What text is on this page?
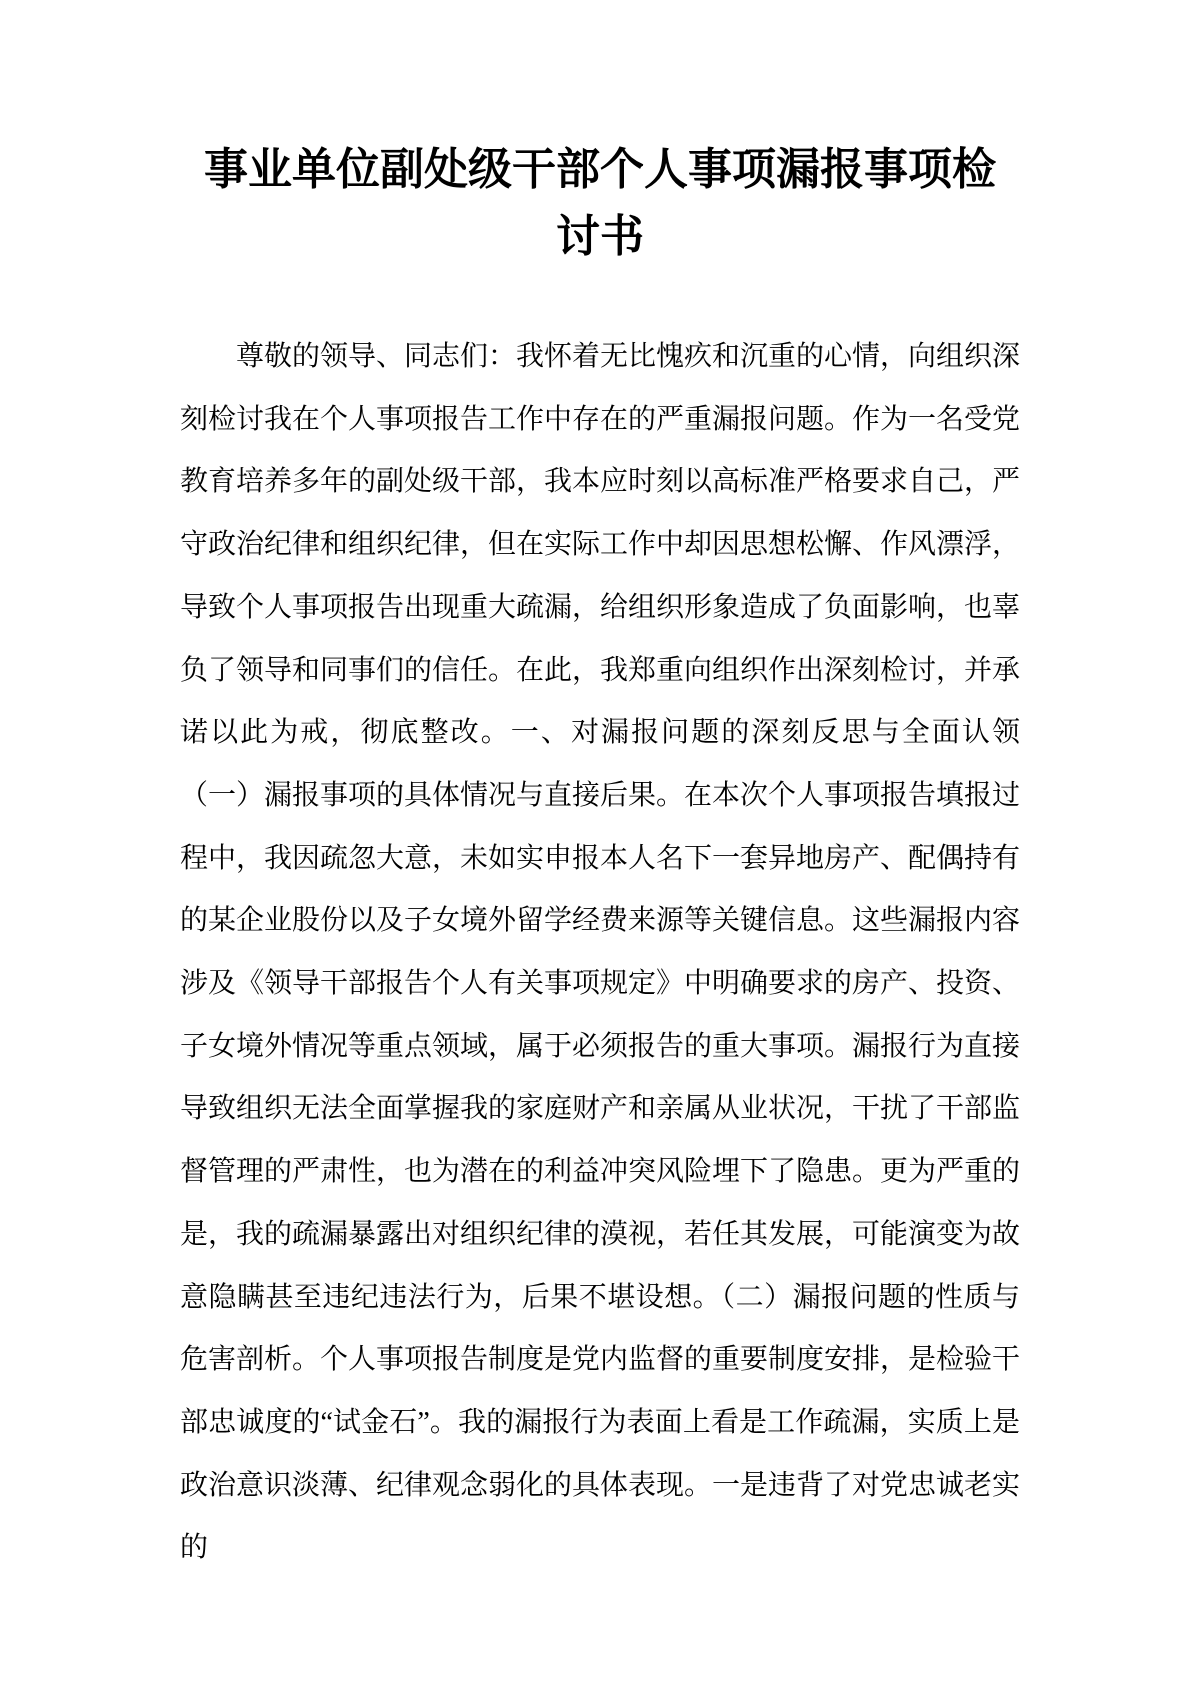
事业单位副处级干部个人事项漏报事项检讨书

尊敬的领导、同志们：我怀着无比愧疚和沉重的心情，向组织深刻检讨我在个人事项报告工作中存在的严重漏报问题。作为一名受党教育培养多年的副处级干部，我本应时刻以高标准严格要求自己，严守政治纪律和组织纪律，但在实际工作中却因思想松懈、作风漂浮，导致个人事项报告出现重大疏漏，给组织形象造成了负面影响，也辜负了领导和同事们的信任。在此，我郑重向组织作出深刻检讨，并承诺以此为戒，彻底整改。一、对漏报问题的深刻反思与全面认领（一）漏报事项的具体情况与直接后果。在本次个人事项报告填报过程中，我因疏忽大意，未如实申报本人名下一套异地房产、配偶持有的某企业股份以及子女境外留学经费来源等关键信息。这些漏报内容涉及《领导干部报告个人有关事项规定》中明确要求的房产、投资、子女境外情况等重点领域，属于必须报告的重大事项。漏报行为直接导致组织无法全面掌握我的家庭财产和亲属从业状况，干扰了干部监督管理的严肃性，也为潜在的利益冲突风险埋下了隐患。更为严重的是，我的疏漏暴露出对组织纪律的漠视，若任其发展，可能演变为故意隐瞒甚至违纪违法行为，后果不堪设想。（二）漏报问题的性质与危害剖析。个人事项报告制度是党内监督的重要制度安排，是检验干部忠诚度的“试金石”。我的漏报行为表面上看是工作疏漏，实质上是政治意识淡薄、纪律观念弱化的具体表现。一是违背了对党忠诚老实的
